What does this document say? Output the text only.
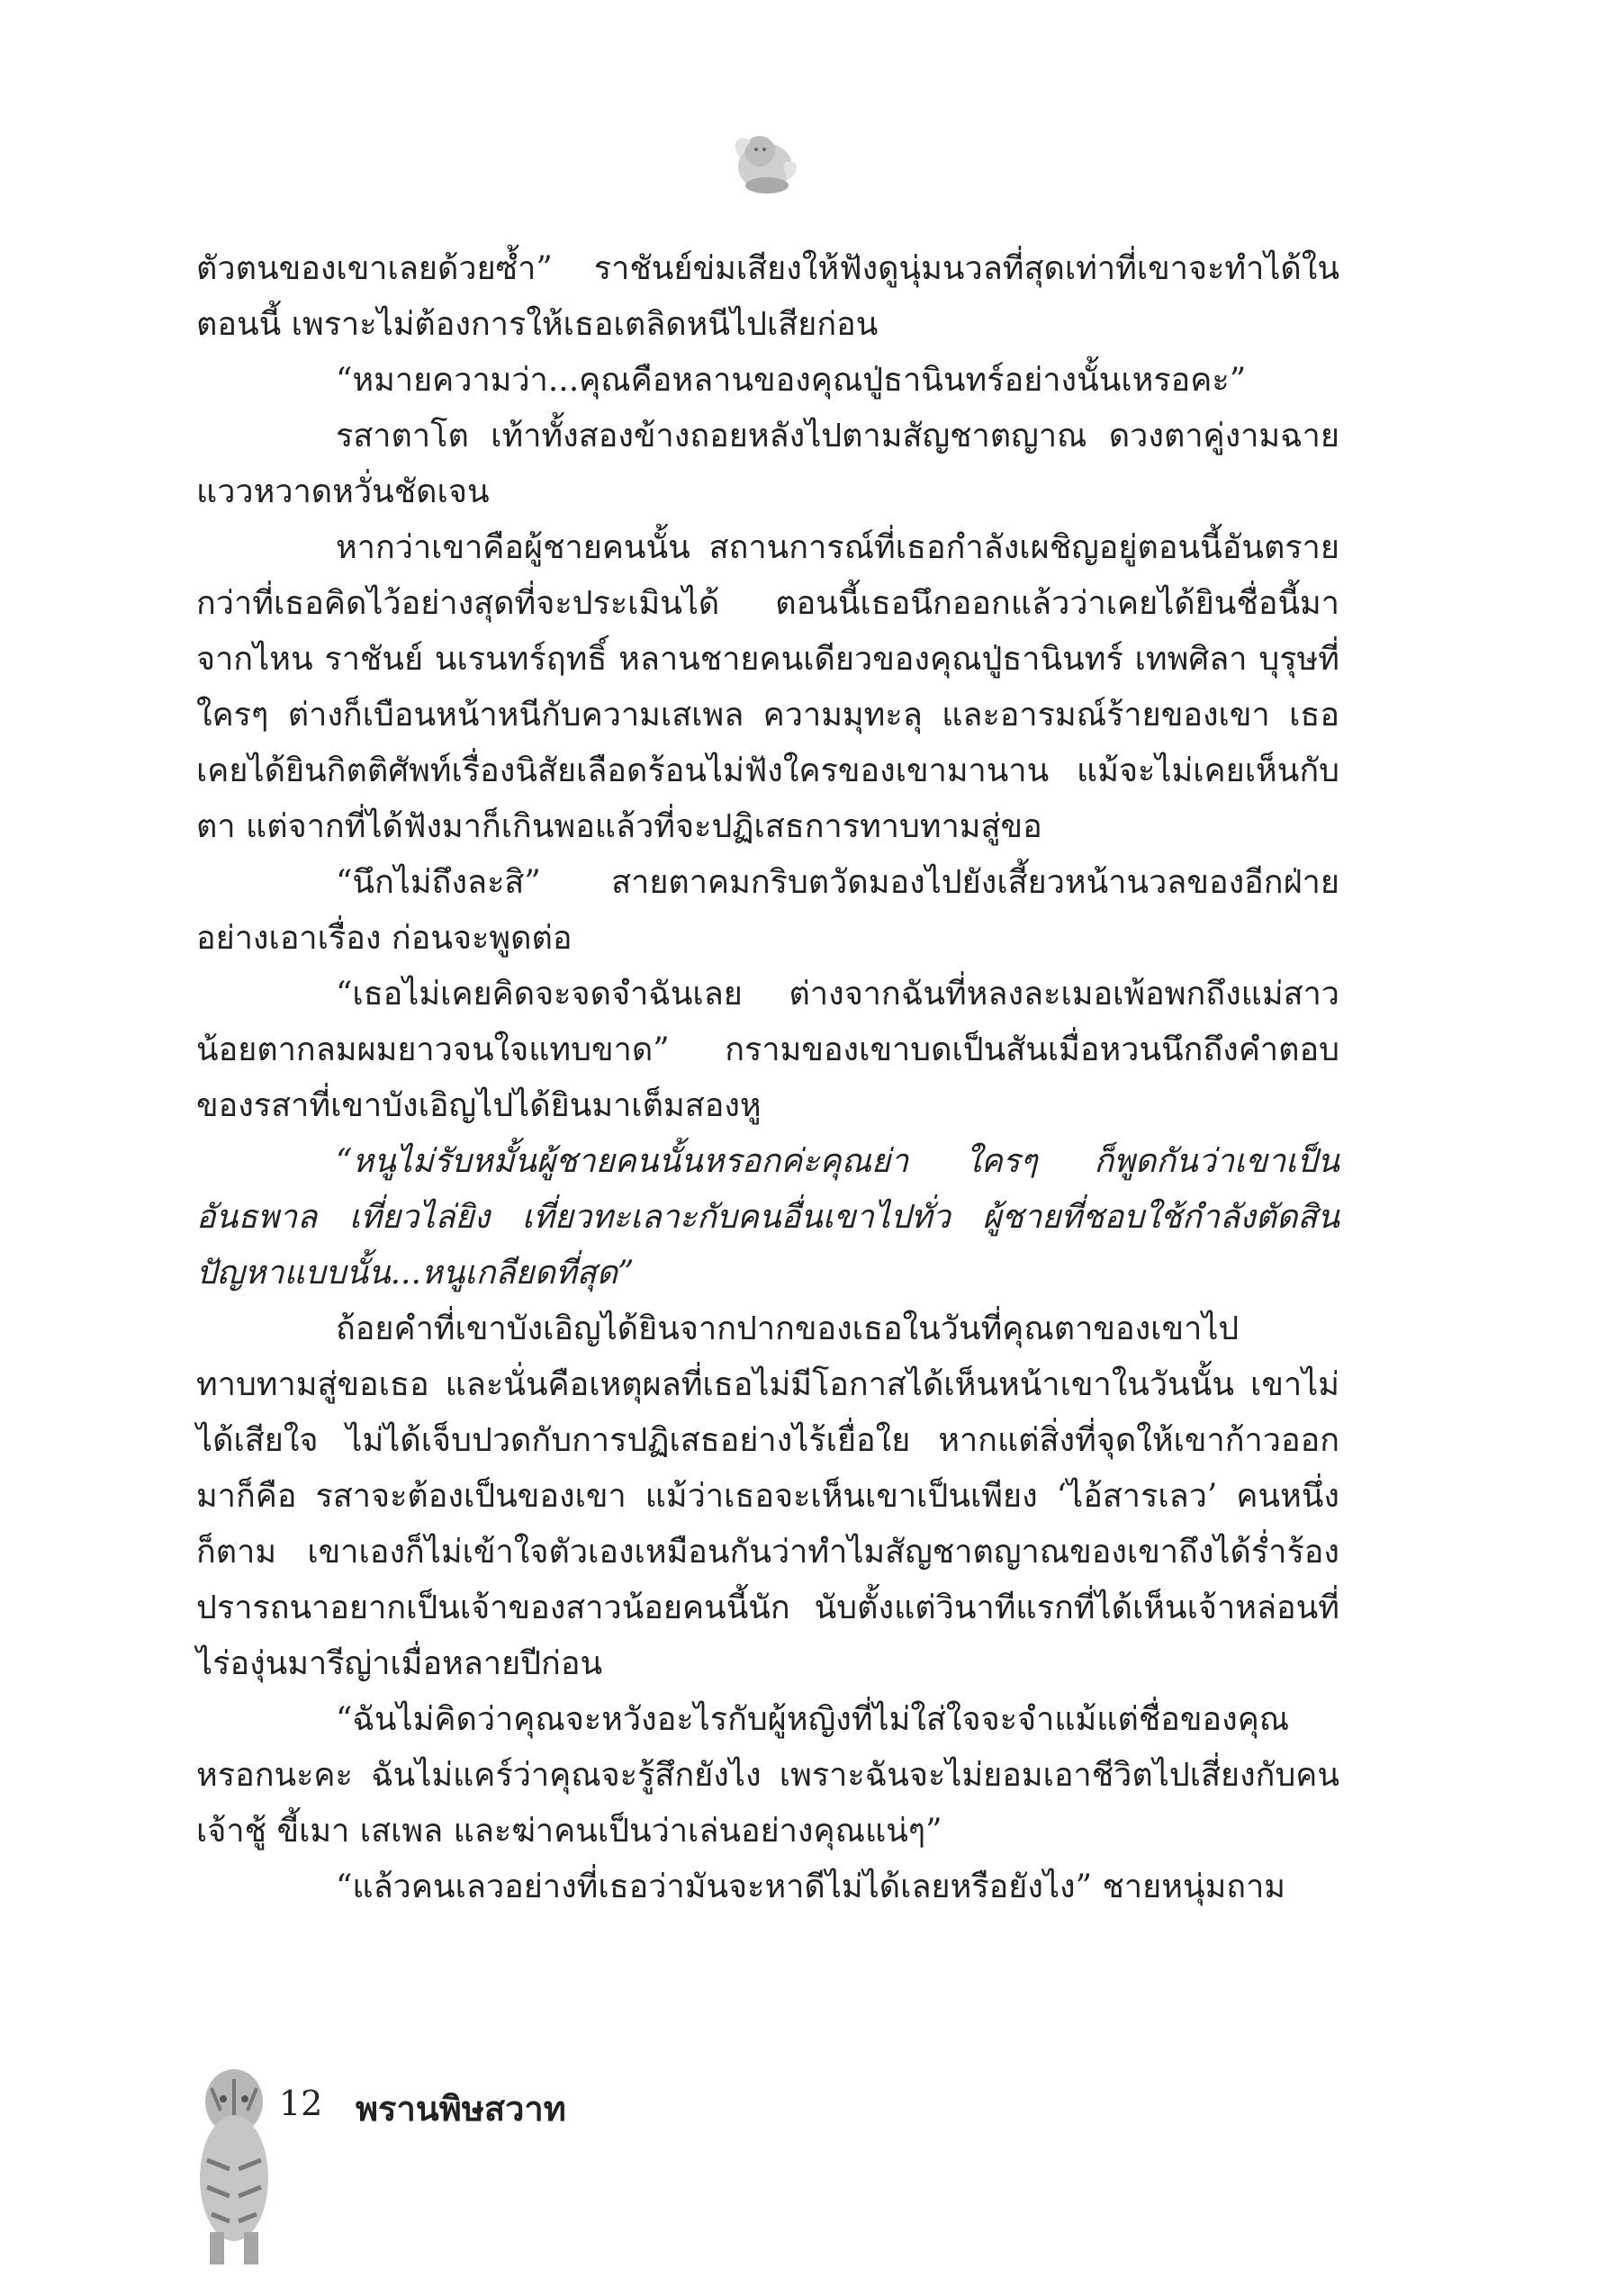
ตัวตนของเขาเลยด้วยซ้ำ” ราชันย์ข่มเสียงให้ฟังดูนุ่มนวลที่สุดเท่าที่เขาจะทำได้ในตอนนี้ เพราะไม่ต้องการให้เธอเตลิดหนีไปเสียก่อน

“หมายความว่า...คุณคือหลานของคุณปู่ธานินทร์อย่างนั้นเหรอคะ”

รสาตาโต เท้าทั้งสองข้างถอยหลังไปตามสัญชาตญาณ ดวงตาคู่งามฉายแววหวาดหวั่นชัดเจน

หากว่าเขาคือผู้ชายคนนั้น สถานการณ์ที่เธอกำลังเผชิญอยู่ตอนนี้อันตรายกว่าที่เธอคิดไว้อย่างสุดที่จะประเมินได้ ตอนนี้เธอนึกออกแล้วว่าเคยได้ยินชื่อนี้มาจากไหน ราชันย์ นเรนทร์ฤทธิ์ หลานชายคนเดียวของคุณปู่ธานินทร์ เทพศิลา บุรุษที่ใครๆ ต่างก็เบือนหน้าหนีกับความเสเพล ความมุทะลุ และอารมณ์ร้ายของเขา เธอเคยได้ยินกิตติศัพท์เรื่องนิสัยเลือดร้อนไม่ฟังใครของเขามานาน แม้จะไม่เคยเห็นกับตา แต่จากที่ได้ฟังมาก็เกินพอแล้วที่จะปฏิเสธการทาบทามสู่ขอ

“นึกไม่ถึงละสิ” สายตาคมกริบตวัดมองไปยังเสี้ยวหน้านวลของอีกฝ่ายอย่างเอาเรื่อง ก่อนจะพูดต่อ

“เธอไม่เคยคิดจะจดจำฉันเลย ต่างจากฉันที่หลงละเมอเพ้อพกถึงแม่สาวน้อยตากลมผมยาวจนใจแทบขาด” กรามของเขาบดเป็นสันเมื่อหวนนึกถึงคำตอบของรสาที่เขาบังเอิญไปได้ยินมาเต็มสองหู

“หนูไม่รับหมั้นผู้ชายคนนั้นหรอกค่ะคุณย่า ใครๆ ก็พูดกันว่าเขาเป็นอันธพาล เที่ยวไล่ยิง เที่ยวทะเลาะกับคนอื่นเขาไปทั่ว ผู้ชายที่ชอบใช้กำลังตัดสินปัญหาแบบนั้น...หนูเกลียดที่สุด”

ถ้อยคำที่เขาบังเอิญได้ยินจากปากของเธอในวันที่คุณตาของเขาไปทาบทามสู่ขอเธอ และนั่นคือเหตุผลที่เธอไม่มีโอกาสได้เห็นหน้าเขาในวันนั้น เขาไม่ได้เสียใจ ไม่ได้เจ็บปวดกับการปฏิเสธอย่างไร้เยื่อใย หากแต่สิ่งที่จุดให้เขาก้าวออกมาก็คือ รสาจะต้องเป็นของเขา แม้ว่าเธอจะเห็นเขาเป็นเพียง ‘ไอ้สารเลว’ คนหนึ่งก็ตาม เขาเองก็ไม่เข้าใจตัวเองเหมือนกันว่าทำไมสัญชาตญาณของเขาถึงได้ร่ำร้องปรารถนาอยากเป็นเจ้าของสาวน้อยคนนี้นัก นับตั้งแต่วินาทีแรกที่ได้เห็นเจ้าหล่อนที่ไร่องุ่นมารีญ่าเมื่อหลายปีก่อน

“ฉันไม่คิดว่าคุณจะหวังอะไรกับผู้หญิงที่ไม่ใส่ใจจะจำแม้แต่ชื่อของคุณหรอกนะคะ ฉันไม่แคร์ว่าคุณจะรู้สึกยังไง เพราะฉันจะไม่ยอมเอาชีวิตไปเสี่ยงกับคนเจ้าชู้ ขี้เมา เสเพล และฆ่าคนเป็นว่าเล่นอย่างคุณแน่ๆ”

“แล้วคนเลวอย่างที่เธอว่ามันจะหาดีไม่ได้เลยหรือยังไง” ชายหนุ่มถาม

12 พรานพิษสวาท
